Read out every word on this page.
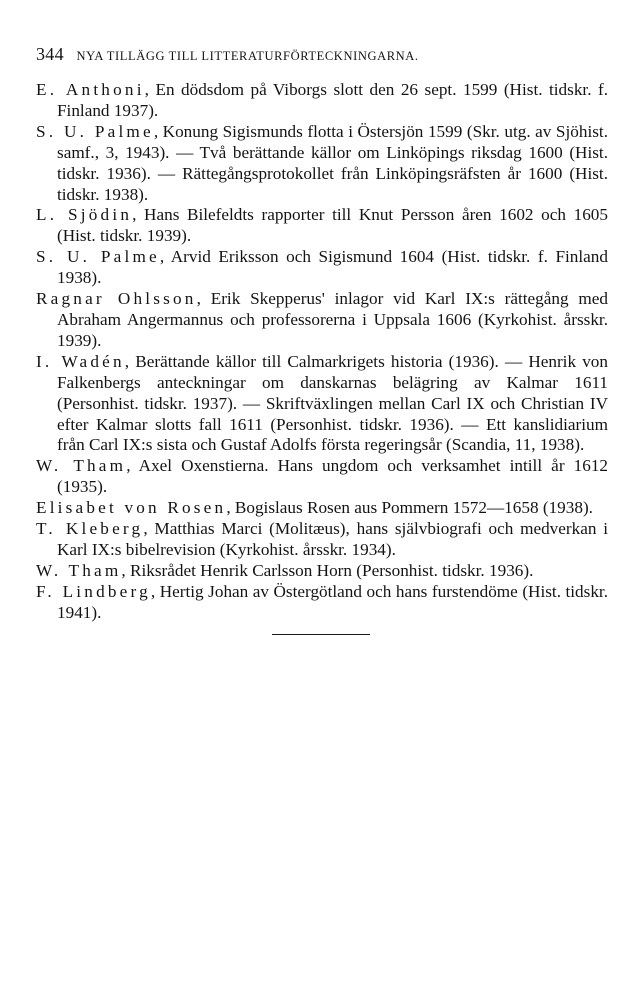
344 NYA TILLÄGG TILL LITTERATURFÖRTECKNINGARNA.

E. Anthoni, En dödsdom på Viborgs slott den 26 sept. 1599 (Hist. tidskr. f. Finland 1937).

S. U. Palme, Konung Sigismunds flotta i Östersjön 1599 (Skr. utg. av Sjöhist. samf., 3, 1943). — Två berättande källor om Linköpings riksdag 1600 (Hist. tidskr. 1936). — Rättegångsprotokollet från Linköpingsräfsten år 1600 (Hist. tidskr. 1938).

L. Sjödin, Hans Bilefeldts rapporter till Knut Persson åren 1602 och 1605 (Hist. tidskr. 1939).

S. U. Palme, Arvid Eriksson och Sigismund 1604 (Hist. tidskr. f. Finland 1938).

Ragnar Ohlsson, Erik Skepperus' inlagor vid Karl IX:s rättegång med Abraham Angermannus och professorerna i Uppsala 1606 (Kyrkohist. årsskr. 1939).

I. Wadén, Berättande källor till Calmarkrigets historia (1936). — Henrik von Falkenbergs anteckningar om danskarnas belägring av Kalmar 1611 (Personhist. tidskr. 1937). — Skriftväxlingen mellan Carl IX och Christian IV efter Kalmar slotts fall 1611 (Personhist. tidskr. 1936). — Ett kanslidiarium från Carl IX:s sista och Gustaf Adolfs första regeringsår (Scandia, 11, 1938).

W. Tham, Axel Oxenstierna. Hans ungdom och verksamhet intill år 1612 (1935).

Elisabet von Rosen, Bogislaus Rosen aus Pommern 1572—1658 (1938).

T. Kleberg, Matthias Marci (Molitæus), hans självbiografi och medverkan i Karl IX:s bibelrevision (Kyrkohist. årsskr. 1934).

W. Tham, Riksrådet Henrik Carlsson Horn (Personhist. tidskr. 1936).

F. Lindberg, Hertig Johan av Östergötland och hans furstendöme (Hist. tidskr. 1941).
